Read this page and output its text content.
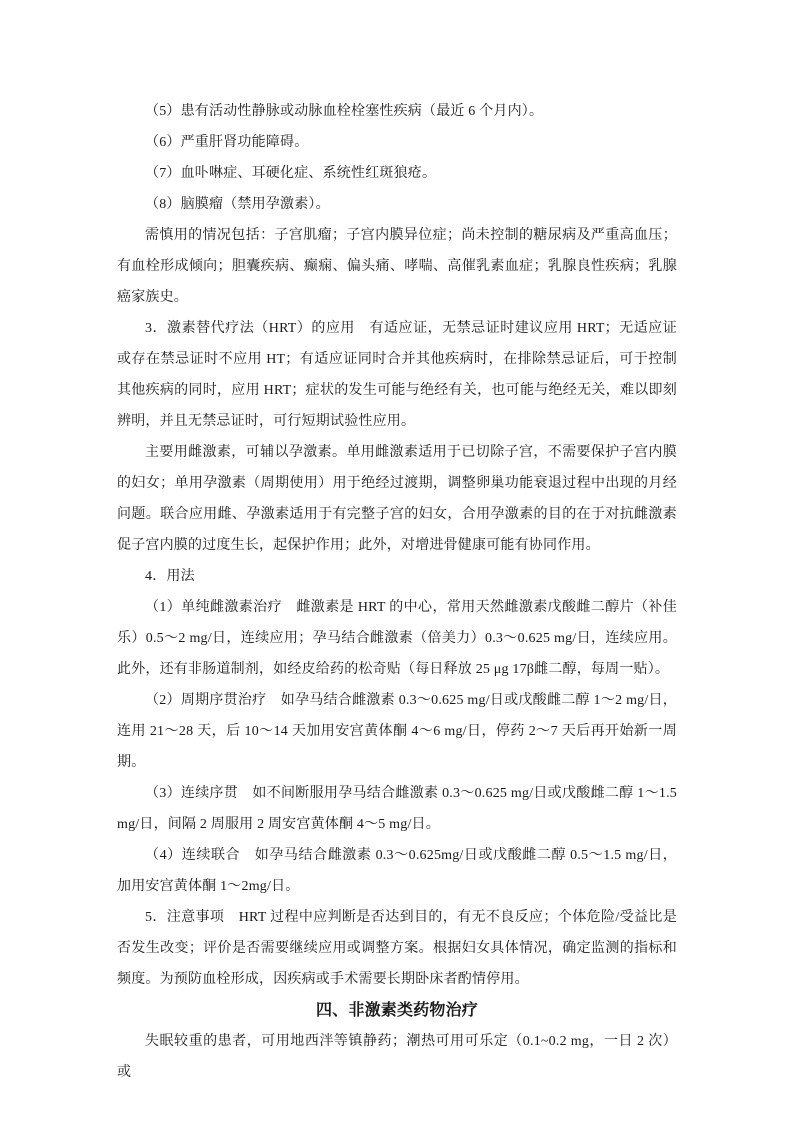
（5）患有活动性静脉或动脉血栓栓塞性疾病（最近 6 个月内）。

（6）严重肝肾功能障碍。

（7）血卟啉症、耳硬化症、系统性红斑狼疮。

（8）脑膜瘤（禁用孕激素）。

需慎用的情况包括：子宫肌瘤；子宫内膜异位症；尚未控制的糖尿病及严重高血压；有血栓形成倾向；胆囊疾病、癫痫、偏头痛、哮喘、高催乳素血症；乳腺良性疾病；乳腺癌家族史。

3．激素替代疗法（HRT）的应用　有适应证，无禁忌证时建议应用 HRT；无适应证或存在禁忌证时不应用 HT；有适应证同时合并其他疾病时，在排除禁忌证后，可于控制其他疾病的同时，应用 HRT；症状的发生可能与绝经有关，也可能与绝经无关，难以即刻辨明，并且无禁忌证时，可行短期试验性应用。

主要用雌激素，可辅以孕激素。单用雌激素适用于已切除子宫，不需要保护子宫内膜的妇女；单用孕激素（周期使用）用于绝经过渡期，调整卵巢功能衰退过程中出现的月经问题。联合应用雌、孕激素适用于有完整子宫的妇女，合用孕激素的目的在于对抗雌激素促子宫内膜的过度生长，起保护作用；此外，对增进骨健康可能有协同作用。

4．用法

（1）单纯雌激素治疗　雌激素是 HRT 的中心，常用天然雌激素戊酸雌二醇片（补佳乐）0.5～2 mg/日，连续应用；孕马结合雌激素（倍美力）0.3～0.625 mg/日，连续应用。此外，还有非肠道制剂，如经皮给药的松奇贴（每日释放 25 μg 17β雌二醇，每周一贴）。

（2）周期序贯治疗　如孕马结合雌激素 0.3～0.625 mg/日或戊酸雌二醇 1～2 mg/日，连用 21～28 天，后 10～14 天加用安宫黄体酮 4～6 mg/日，停药 2～7 天后再开始新一周期。

（3）连续序贯　如不间断服用孕马结合雌激素 0.3～0.625 mg/日或戊酸雌二醇 1～1.5 mg/日，间隔 2 周服用 2 周安宫黄体酮 4～5 mg/日。

（4）连续联合　如孕马结合雌激素 0.3～0.625mg/日或戊酸雌二醇 0.5～1.5 mg/日，加用安宫黄体酮 1～2mg/日。

5．注意事项　HRT 过程中应判断是否达到目的，有无不良反应；个体危险/受益比是否发生改变；评价是否需要继续应用或调整方案。根据妇女具体情况，确定监测的指标和频度。为预防血栓形成，因疾病或手术需要长期卧床者酌情停用。

四、非激素类药物治疗

失眠较重的患者，可用地西泮等镇静药；潮热可用可乐定（0.1~0.2 mg，一日 2 次）或
